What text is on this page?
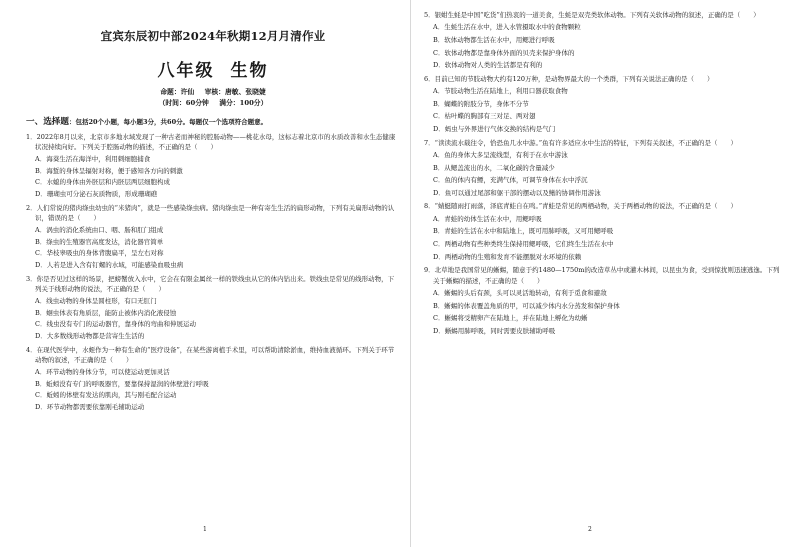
宜宾东辰初中部2024年秋期12月月清作业
八年级 生物
命题：许仙 审核：唐敏、张晓婕
（时间：60分钟 满分：100分）
一、选择题：包括20个小题，每小题3分，共60分。每题仅一个选项符合题意。
1．2022年8月以来，北京市多地水域发现了一种古老而神秘的腔肠动物——桃花水母，这标志着北京市的水质改善和水生态健康状况持续向好。下列关于腔肠动物的描述，不正确的是（　　）
A．海葵生活在海洋中，利用刺细胞捕食
B．海蜇的身体呈辐射对称，便于感知各方向的刺激
C．水螅的身体由外胚层和内胚层两层细胞构成
D．珊瑚虫可分泌石灰质物质，形成珊瑚礁
2．人们常说的猪肉绦虫幼虫的“米猪肉”，就是一些感染绦虫病。猪肉绦虫是一种有寄生生活的扁形动物，下列有关扁形动物的认识，错误的是（　　）
A．涡虫的消化系统由口、咽、肠和肛门组成
B．绦虫的生殖器官高度发达，消化器官简单
C．华枝睾吸虫的身体背腹扁平，呈左右对称
D．人若是进入含有钉螺的水域，可能感染血吸虫病
3．你是否见过这样的场景，把螃蟹放入水中，它会在有限金属丝一样的铁线虫从它的体内钻出来。铁线虫是常见的线形动物，下列关于线形动物的说法，不正确的是（　　）
A．线虫动物的身体呈圆柱形，有口无肛门
B．蛔虫体表有角质层，能防止被体内消化液侵蚀
C．线虫没有专门的运动器官，靠身体的弯曲和伸展运动
D．大多数线形动物都是营寄生生活的
4．在现代医学中，水蛭作为一种有生命的“医疗设备”，在某些游离植手术里，可以帮助清除淤血，维持血液循环。下列关于环节动物的叙述，不正确的是（　　）
A．环节动物的身体分节，可以使运动更加灵活
B．蚯蚓没有专门的呼吸器官，要靠保持湿润的体壁进行呼吸
C．蚯蚓的体壁有发达的肌肉，其与刚毛配合运动
D．环节动物都需要依靠刚毛辅助运动
1
5．银蚶生蚝是中国“吃货”们热衷的一道美食，生蚝是双壳类软体动物。下列有关软体动物的叙述，正确的是（　　）
A．生蚝生活在水中，进入水管摄取水中的食物颗粒
B．软体动物都生活在水中，用鳃进行呼吸
C．软体动物都是靠身体外面的贝壳来保护身体的
D．软体动物对人类的生活都是有利的
6．目前已知的节肢动物大约有120万种，是动物界最大的一个类群，下列有关说法正确的是（　　）
A．节肢动物生活在陆地上，利用口器获取食物
B．蝴蝶的附肢分节，身体不分节
C．枯叶蝶的胸部有三对足、两对翅
D．蚂虫与外界进行气体交换的结构是气门
7．“读读流水载往令，恰恐鱼几水中游。”鱼有许多适应水中生活的特征，下列有关叙述，不正确的是（　　）
A．鱼的身体大多呈流线型，有利于在水中游泳
B．从鳃盖流出的水，二氧化碳的含量减少
C．鱼的体内有鳔，充满气体，可调节身体在水中浮沉
D．鱼可以通过尾部和躯干部的摆动以及鳍的协调作用游泳
8．“蜻蜓随雨打雨落，泽底青蛙自在鸣。”青蛙是常见的两栖动物，关于两栖动物的说法，不正确的是（　　）
A．青蛙的幼体生活在水中，用鳃呼吸
B．青蛙的生活在水中和陆地上，既可用肺呼吸，又可用鳃呼吸
C．两栖动物有些种类终生保持用鳃呼吸，它们终生生活在水中
D．两栖动物的生殖和发育不能摆脱对水环境的依赖
9．北草地是我国常见的蜥蜴，随意于约1480—1750m的改造草丛中或灌木林间，以昆虫为食，受到惊扰则迅速逃逸。下列关于蜥蜴的描述，不正确的是（　　）
A．蜥蜴的头后有颈，头可以灵活地转动，有利于觅食和避敌
B．蜥蜴的体表覆盖角质的甲，可以减少体内水分蒸发和保护身体
C．蜥蜴将受精卵产在陆地上，并在陆地上孵化为幼蜥
D．蜥蜴用肺呼吸，同时需要皮肤辅助呼吸
2
